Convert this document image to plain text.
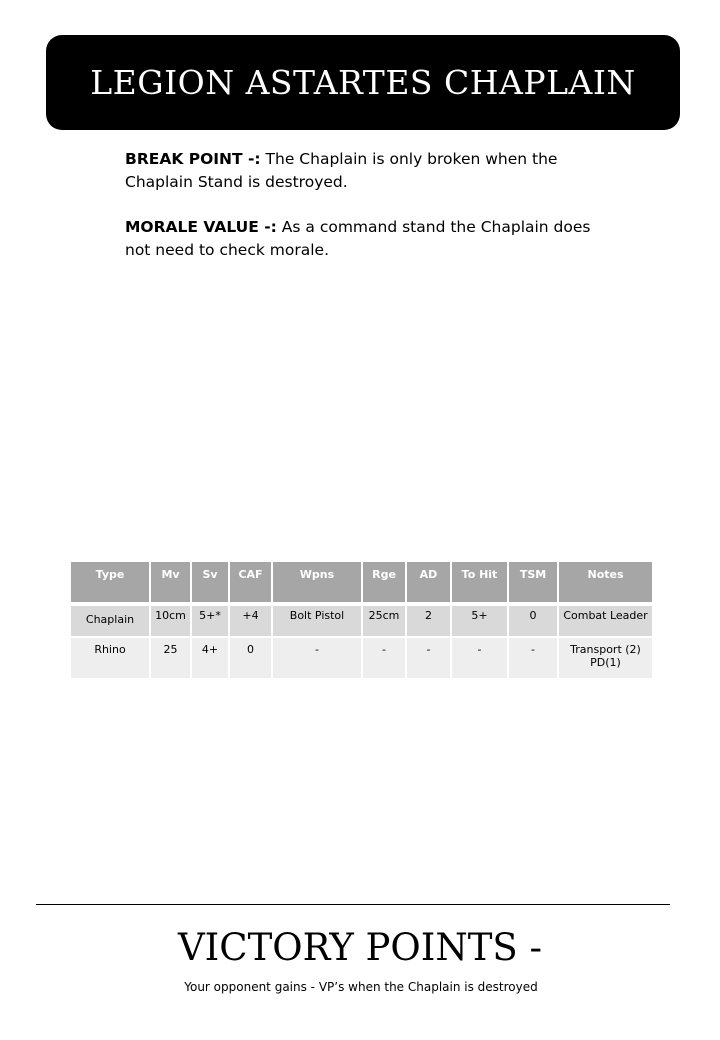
LEGION ASTARTES CHAPLAIN

BREAK POINT -: The Chaplain is only broken when the Chaplain Stand is destroyed.

MORALE VALUE -: As a command stand the Chaplain does not need to check morale.

Type	Mv	Sv	CAF	Wpns	Rge	AD	To Hit	TSM	Notes
Chaplain	10cm	5+*	+4	Bolt Pistol	25cm	2	5+	0	Combat Leader
Rhino	25	4+	0	-	-	-	-	-	Transport (2) PD(1)
VICTORY POINTS -
Your opponent gains - VP’s when the Chaplain is destroyed
